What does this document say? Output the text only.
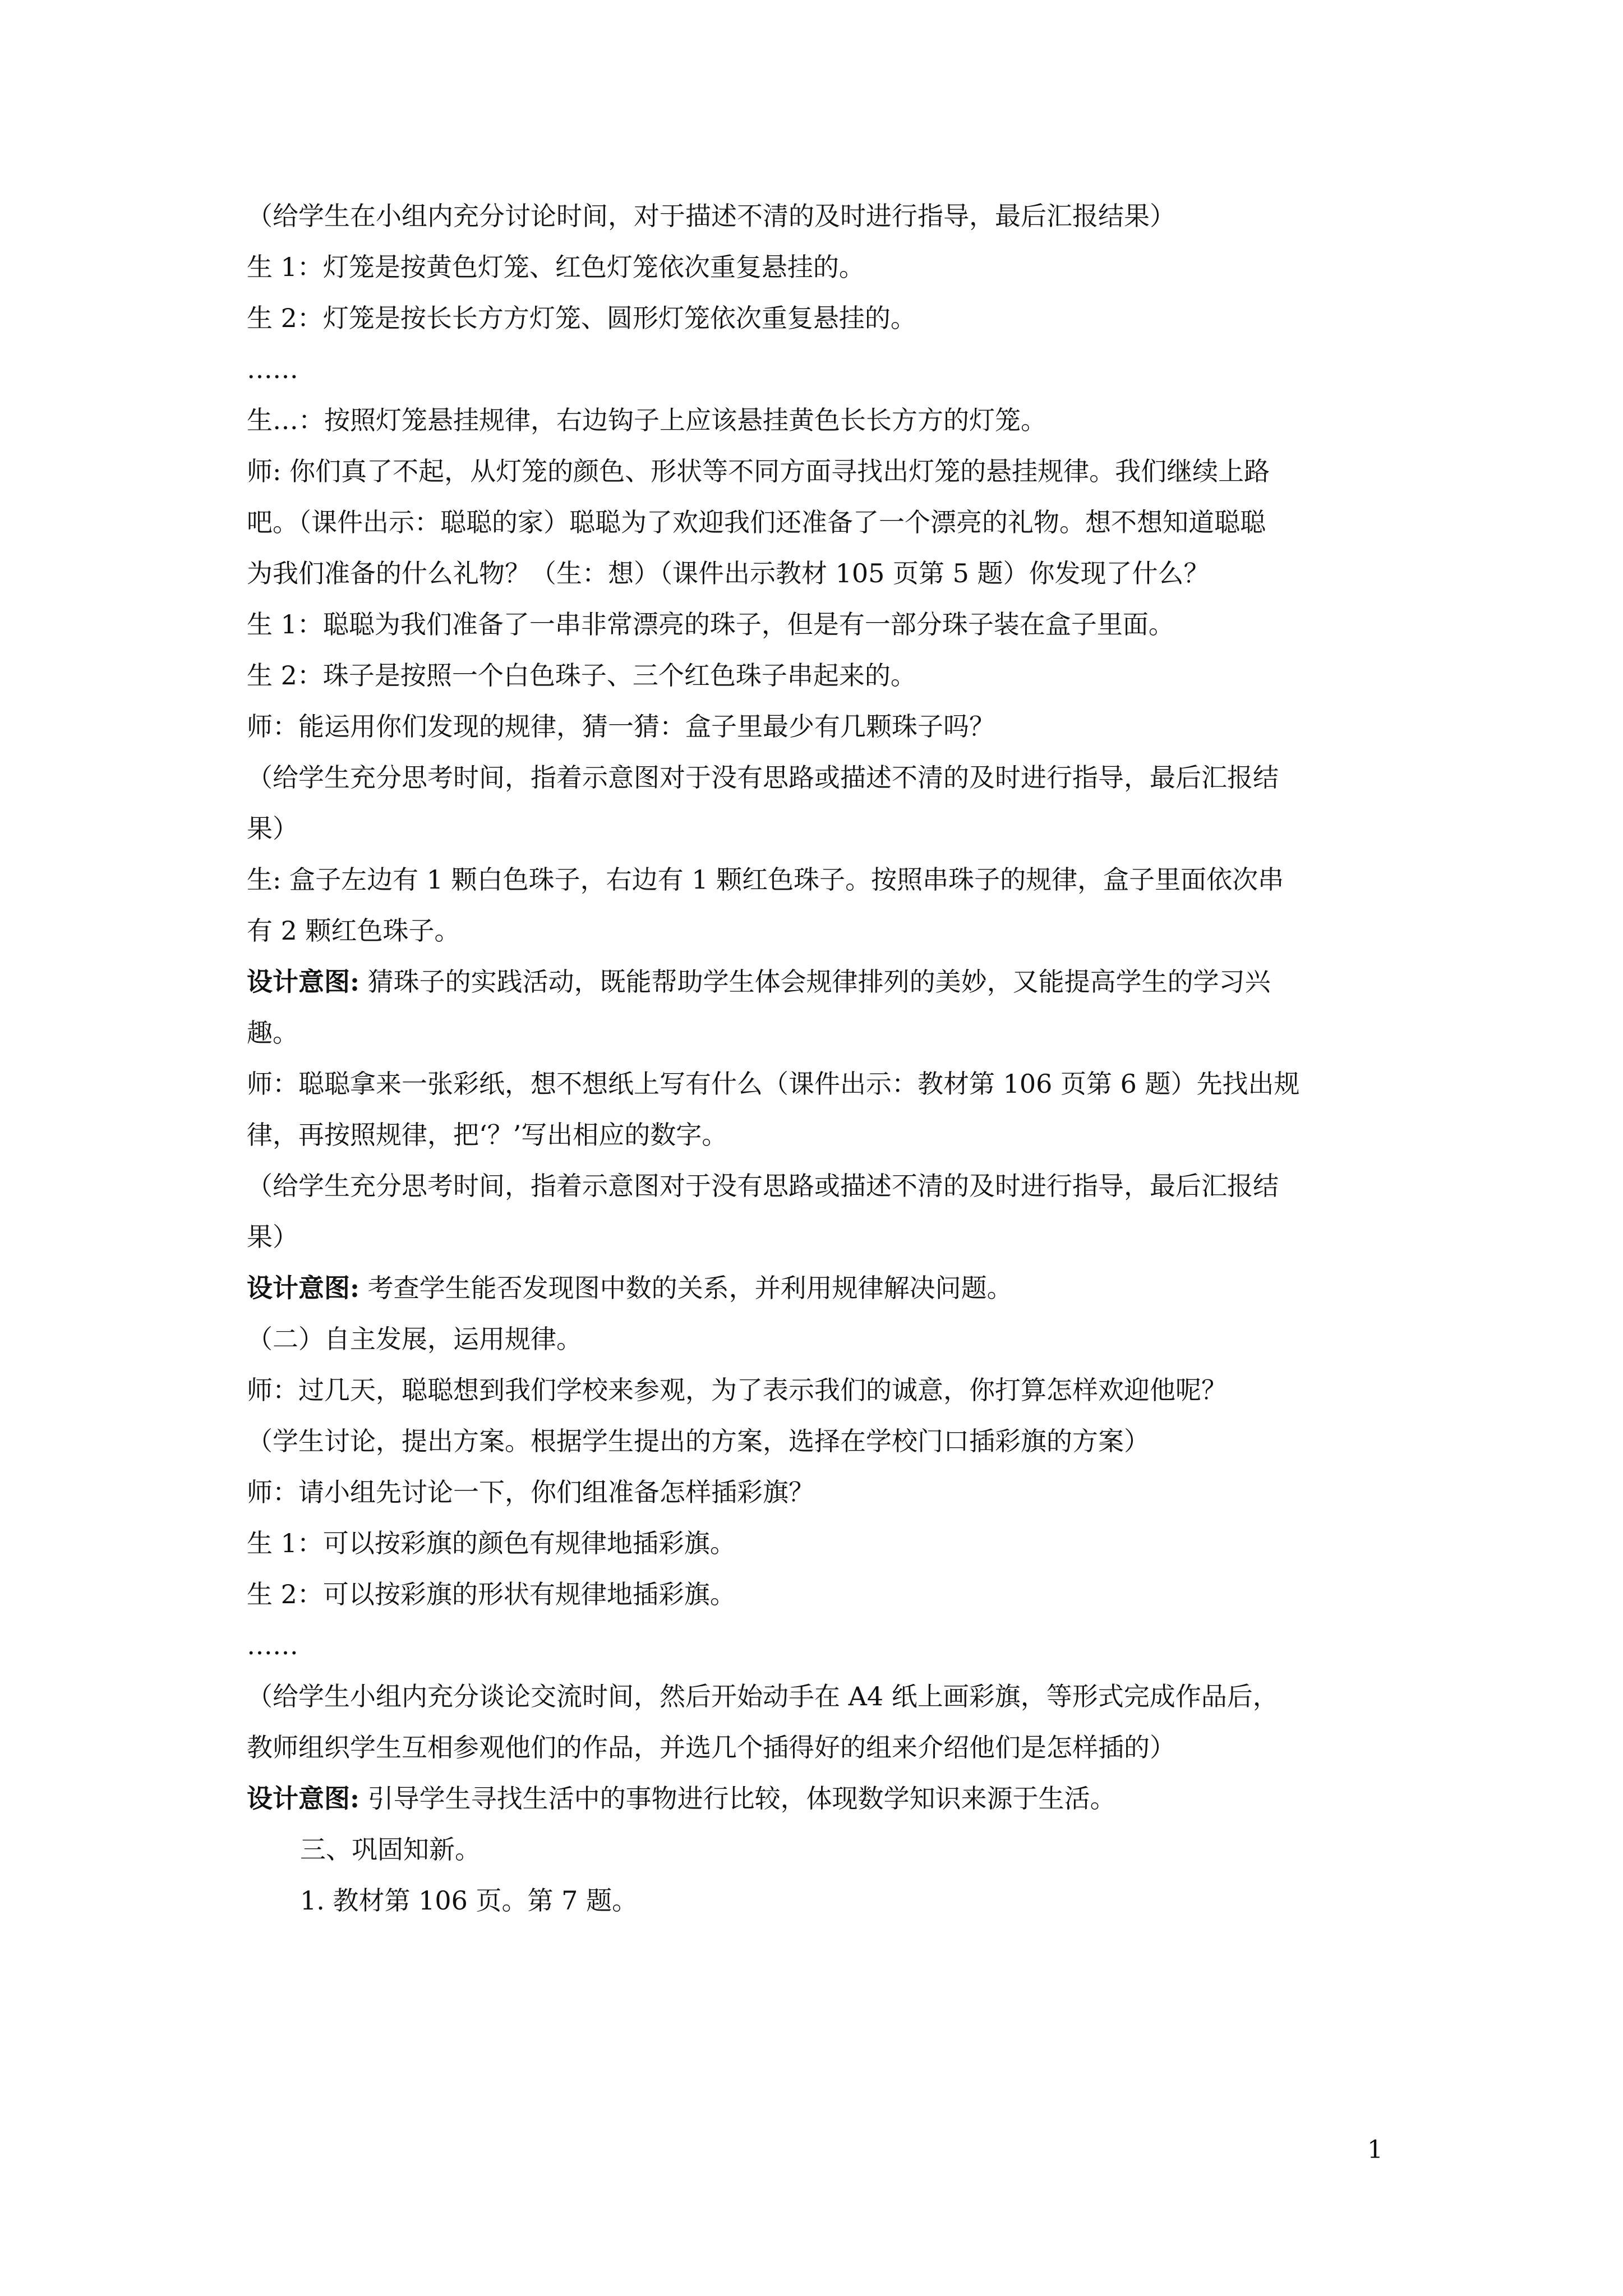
（给学生在小组内充分讨论时间，对于描述不清的及时进行指导，最后汇报结果）
生 1：灯笼是按黄色灯笼、红色灯笼依次重复悬挂的。
生 2：灯笼是按长长方方灯笼、圆形灯笼依次重复悬挂的。
……
生…：按照灯笼悬挂规律，右边钩子上应该悬挂黄色长长方方的灯笼。
师: 你们真了不起，从灯笼的颜色、形状等不同方面寻找出灯笼的悬挂规律。我们继续上路
吧。（课件出示：聪聪的家）聪聪为了欢迎我们还准备了一个漂亮的礼物。想不想知道聪聪
为我们准备的什么礼物？（生：想）（课件出示教材 105 页第 5 题）你发现了什么？
生 1：聪聪为我们准备了一串非常漂亮的珠子，但是有一部分珠子装在盒子里面。
生 2：珠子是按照一个白色珠子、三个红色珠子串起来的。
师：能运用你们发现的规律，猜一猜：盒子里最少有几颗珠子吗？
（给学生充分思考时间，指着示意图对于没有思路或描述不清的及时进行指导，最后汇报结
果）
生: 盒子左边有 1 颗白色珠子，右边有 1 颗红色珠子。按照串珠子的规律，盒子里面依次串
有 2 颗红色珠子。
设计意图: 猜珠子的实践活动，既能帮助学生体会规律排列的美妙，又能提高学生的学习兴
趣。
师：聪聪拿来一张彩纸，想不想纸上写有什么（课件出示：教材第 106 页第 6 题）先找出规
律，再按照规律，把‘？’写出相应的数字。
（给学生充分思考时间，指着示意图对于没有思路或描述不清的及时进行指导，最后汇报结
果）
设计意图: 考查学生能否发现图中数的关系，并利用规律解决问题。
（二）自主发展，运用规律。
师：过几天，聪聪想到我们学校来参观，为了表示我们的诚意，你打算怎样欢迎他呢？
（学生讨论，提出方案。根据学生提出的方案，选择在学校门口插彩旗的方案）
师：请小组先讨论一下，你们组准备怎样插彩旗？
生 1：可以按彩旗的颜色有规律地插彩旗。
生 2：可以按彩旗的形状有规律地插彩旗。
……
（给学生小组内充分谈论交流时间，然后开始动手在 A4 纸上画彩旗，等形式完成作品后，
教师组织学生互相参观他们的作品，并选几个插得好的组来介绍他们是怎样插的）
设计意图: 引导学生寻找生活中的事物进行比较，体现数学知识来源于生活。
三、巩固知新。
1. 教材第 106 页。第 7 题。
1
